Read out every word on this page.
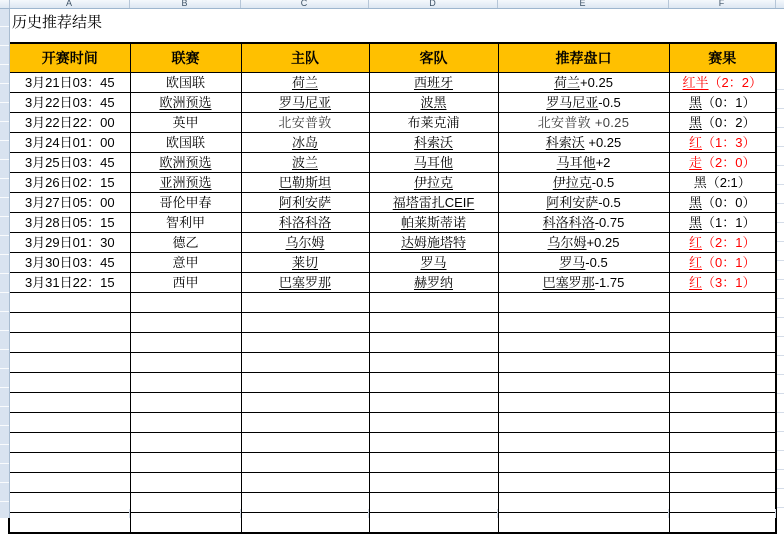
A	B	C	D	E	F
历史推荐结果
开赛时间	联赛	主队	客队	推荐盘口	赛果
3月21日03：45	欧国联	荷兰	西班牙	荷兰+0.25	红半（2：2）
3月22日03：45	欧洲预选	罗马尼亚	波黑	罗马尼亚-0.5	黑（0：1）
3月22日22：00	英甲	北安普敦	布莱克浦	北安普敦 +0.25	黑（0：2）
3月24日01：00	欧国联	冰岛	科索沃	科索沃 +0.25	红（1：3）
3月25日03：45	欧洲预选	波兰	马耳他	马耳他+2	走（2：0）
3月26日02：15	亚洲预选	巴勒斯坦	伊拉克	伊拉克-0.5	黑（2:1）
3月27日05：00	哥伦甲春	阿利安萨	福塔雷扎CEIF	阿利安萨-0.5	黑（0：0）
3月28日05：15	智利甲	科洛科洛	帕莱斯蒂诺	科洛科洛-0.75	黑（1：1）
3月29日01：30	德乙	乌尔姆	达姆施塔特	乌尔姆+0.25	红（2：1）
3月30日03：45	意甲	莱切	罗马	罗马-0.5	红（0：1）
3月31日22：15	西甲	巴塞罗那	赫罗纳	巴塞罗那-1.75	红（3：1）
